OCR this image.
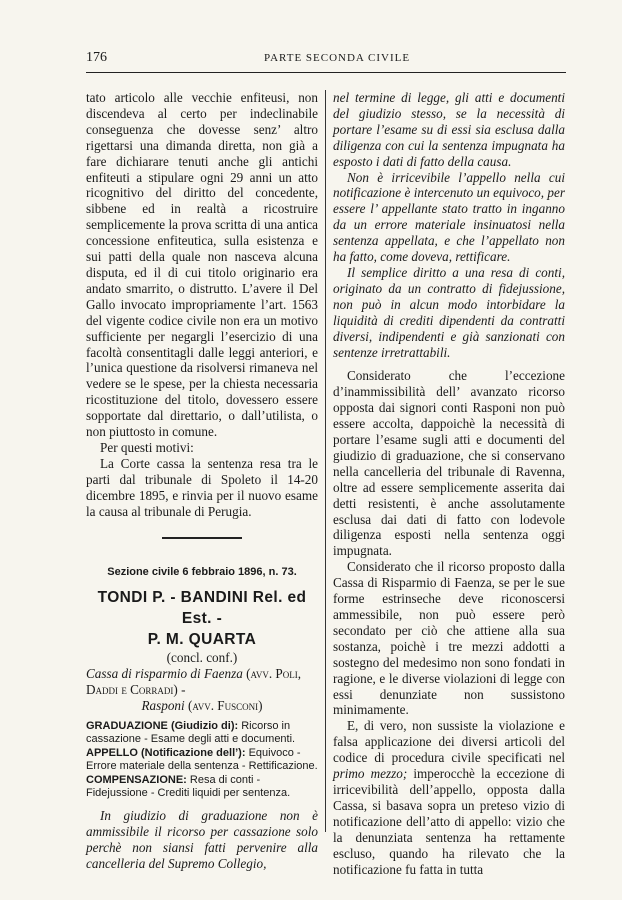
176	PARTE SECONDA CIVILE

tato articolo alle vecchie enfiteusi, non discendeva al certo per indeclinabile conseguenza che dovesse senz’ altro rigettarsi una dimanda diretta, non già a fare dichiarare tenuti anche gli antichi enfiteuti a stipulare ogni 29 anni un atto ricognitivo del diritto del concedente, sibbene ed in realtà a ricostruire semplicemente la prova scritta di una antica concessione enfiteutica, sulla esistenza e sui patti della quale non nasceva alcuna disputa, ed il di cui titolo originario era andato smarrito, o distrutto. L’avere il Del Gallo invocato impropriamente l’art. 1563 del vigente codice civile non era un motivo sufficiente per negargli l’esercizio di una facoltà consentitagli dalle leggi anteriori, e l’unica questione da risolversi rimaneva nel vedere se le spese, per la chiesta necessaria ricostituzione del titolo, dovessero essere sopportate dal direttario, o dall’utilista, o non piuttosto in comune.

Per questi motivi:

La Corte cassa la sentenza resa tra le parti dal tribunale di Spoleto il 14-20 dicembre 1895, e rinvia per il nuovo esame la causa al tribunale di Perugia.

Sezione civile 6 febbraio 1896, n. 73.
TONDI P. - BANDINI Rel. ed Est. -
P. M. QUARTA

(concl. conf.)

Cassa di risparmio di Faenza (avv. Poli,

Daddi e Corradi) -

Rasponi (avv. Fusconi)

GRADUAZIONE (Giudizio di): Ricorso in cassazione - Esame degli atti e documenti.

APPELLO (Notificazione dell’): Equivoco - Errore materiale della sentenza - Rettificazione.

COMPENSAZIONE: Resa di conti - Fidejussione - Crediti liquidi per sentenza.

In giudizio di graduazione non è ammissibile il ricorso per cassazione solo perchè non siansi fatti pervenire alla cancelleria del Supremo Collegio,

nel termine di legge, gli atti e documenti del giudizio stesso, se la necessità di portare l’esame su di essi sia esclusa dalla diligenza con cui la sentenza impugnata ha esposto i dati di fatto della causa.

Non è irricevibile l’appello nella cui notificazione è intercenuto un equivoco, per essere l’ appellante stato tratto in inganno da un errore materiale insinuatosi nella sentenza appellata, e che l’appellato non ha fatto, come doveva, rettificare.

Il semplice diritto a una resa di conti, originato da un contratto di fidejussione, non può in alcun modo intorbidare la liquidità di crediti dipendenti da contratti diversi, indipendenti e già sanzionati con sentenze irretrattabili.

Considerato che l’eccezione d’inammissibilità dell’ avanzato ricorso opposta dai signori conti Rasponi non può essere accolta, dappoichè la necessità di portare l’esame sugli atti e documenti del giudizio di graduazione, che si conservano nella cancelleria del tribunale di Ravenna, oltre ad essere semplicemente asserita dai detti resistenti, è anche assolutamente esclusa dai dati di fatto con lodevole diligenza esposti nella sentenza oggi impugnata.

Considerato che il ricorso proposto dalla Cassa di Risparmio di Faenza, se per le sue forme estrinseche deve riconoscersi ammessibile, non può essere però secondato per ciò che attiene alla sua sostanza, poichè i tre mezzi addotti a sostegno del medesimo non sono fondati in ragione, e le diverse violazioni di legge con essi denunziate non sussistono minimamente.

E, di vero, non sussiste la violazione e falsa applicazione dei diversi articoli del codice di procedura civile specificati nel primo mezzo; imperocchè la eccezione di irricevibilità dell’appello, opposta dalla Cassa, si basava sopra un preteso vizio di notificazione dell’atto di appello: vizio che la denunziata sentenza ha rettamente escluso, quando ha rilevato che la notificazione fu fatta in tutta
